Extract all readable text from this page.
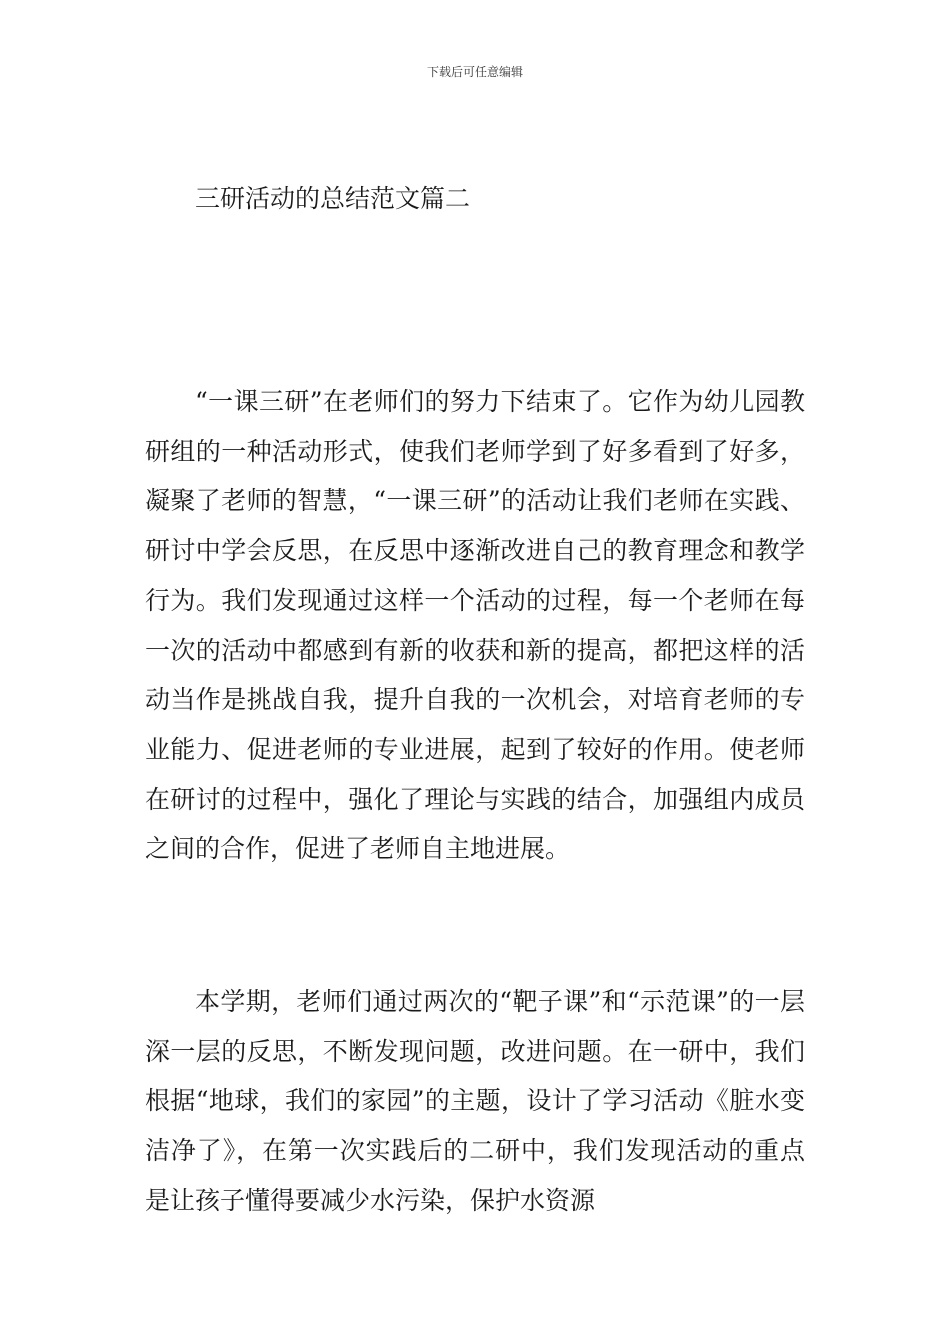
下载后可任意编辑
三研活动的总结范文篇二

“一课三研”在老师们的努力下结束了。它作为幼儿园教研组的一种活动形式，使我们老师学到了好多看到了好多，凝聚了老师的智慧，“一课三研”的活动让我们老师在实践、研讨中学会反思，在反思中逐渐改进自己的教育理念和教学行为。我们发现通过这样一个活动的过程，每一个老师在每一次的活动中都感到有新的收获和新的提高，都把这样的活动当作是挑战自我，提升自我的一次机会，对培育老师的专业能力、促进老师的专业进展，起到了较好的作用。使老师在研讨的过程中，强化了理论与实践的结合，加强组内成员之间的合作，促进了老师自主地进展。

本学期，老师们通过两次的“靶子课”和“示范课”的一层深一层的反思，不断发现问题，改进问题。在一研中，我们根据“地球，我们的家园”的主题，设计了学习活动《脏水变洁净了》，在第一次实践后的二研中，我们发现活动的重点是让孩子懂得要减少水污染，保护水资源
